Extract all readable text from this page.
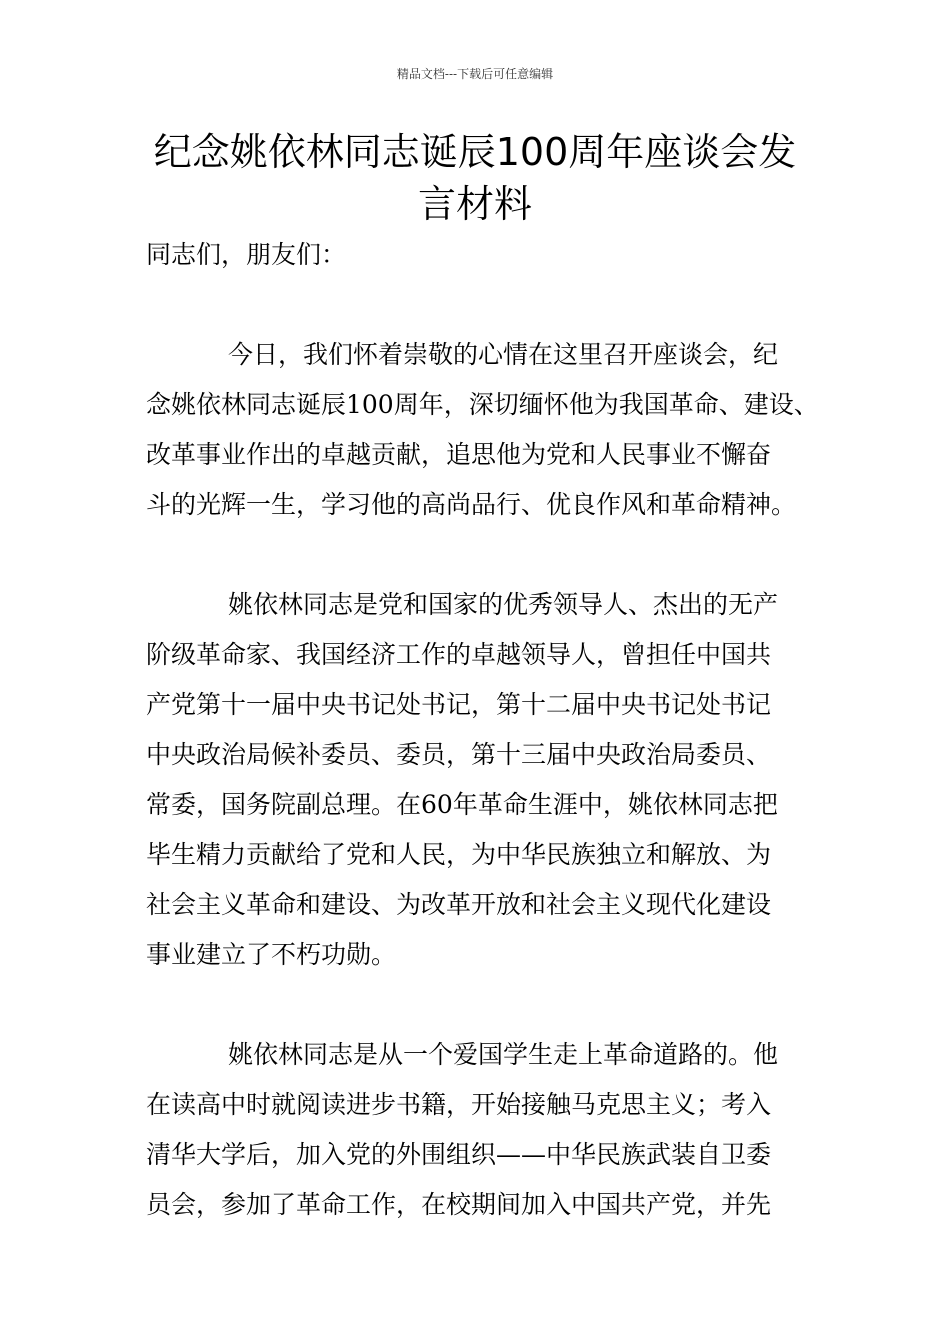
精品文档---下载后可任意编辑
纪念姚依林同志诞辰100周年座谈会发
言材料

同志们，朋友们：

今日，我们怀着崇敬的心情在这里召开座谈会，纪
念姚依林同志诞辰100周年，深切缅怀他为我国革命、建设、
改革事业作出的卓越贡献，追思他为党和人民事业不懈奋
斗的光辉一生，学习他的高尚品行、优良作风和革命精神。
姚依林同志是党和国家的优秀领导人、杰出的无产
阶级革命家、我国经济工作的卓越领导人，曾担任中国共
产党第十一届中央书记处书记，第十二届中央书记处书记
中央政治局候补委员、委员，第十三届中央政治局委员、
常委，国务院副总理。在60年革命生涯中，姚依林同志把
毕生精力贡献给了党和人民，为中华民族独立和解放、为
社会主义革命和建设、为改革开放和社会主义现代化建设
事业建立了不朽功勋。
姚依林同志是从一个爱国学生走上革命道路的。他
在读高中时就阅读进步书籍，开始接触马克思主义；考入
清华大学后，加入党的外围组织——中华民族武装自卫委
员会，参加了革命工作，在校期间加入中国共产党，并先
